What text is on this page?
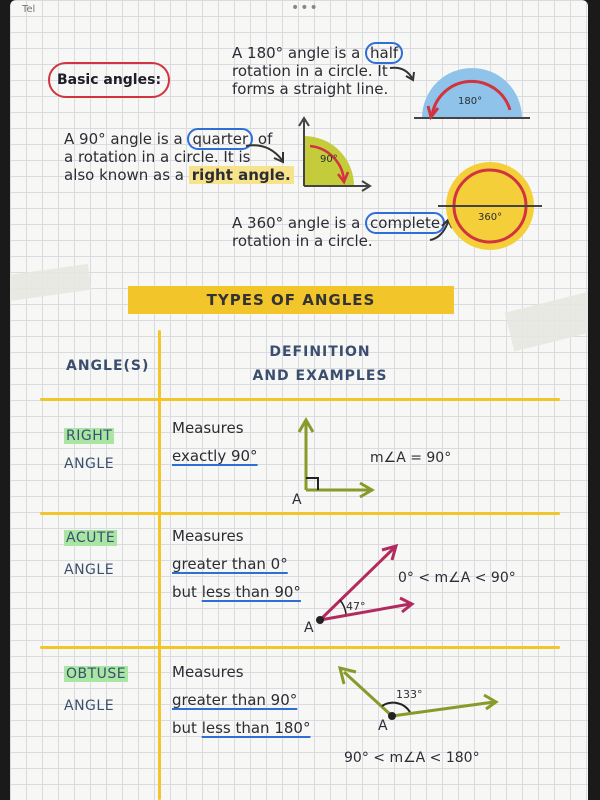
Tel	•••
Basic angles:
A 180° angle is a half
rotation in a circle. It
forms a straight line.
A 90° angle is a quarter of
a rotation in a circle. It is
also known as a right angle.
A 360° angle is a complete
rotation in a circle.
180°
90°
360°
TYPES OF ANGLES
ANGLE(S)
DEFINITION
AND EXAMPLES
RIGHT
ANGLE
Measures
exactly 90°
ACUTE
ANGLE
Measures
greater than 0°
but less than 90°
OBTUSE
ANGLE
Measures
greater than 90°
but less than 180°
A
m∠A = 90°
47°
A
0° < m∠A < 90°
133°
A
90° < m∠A < 180°
